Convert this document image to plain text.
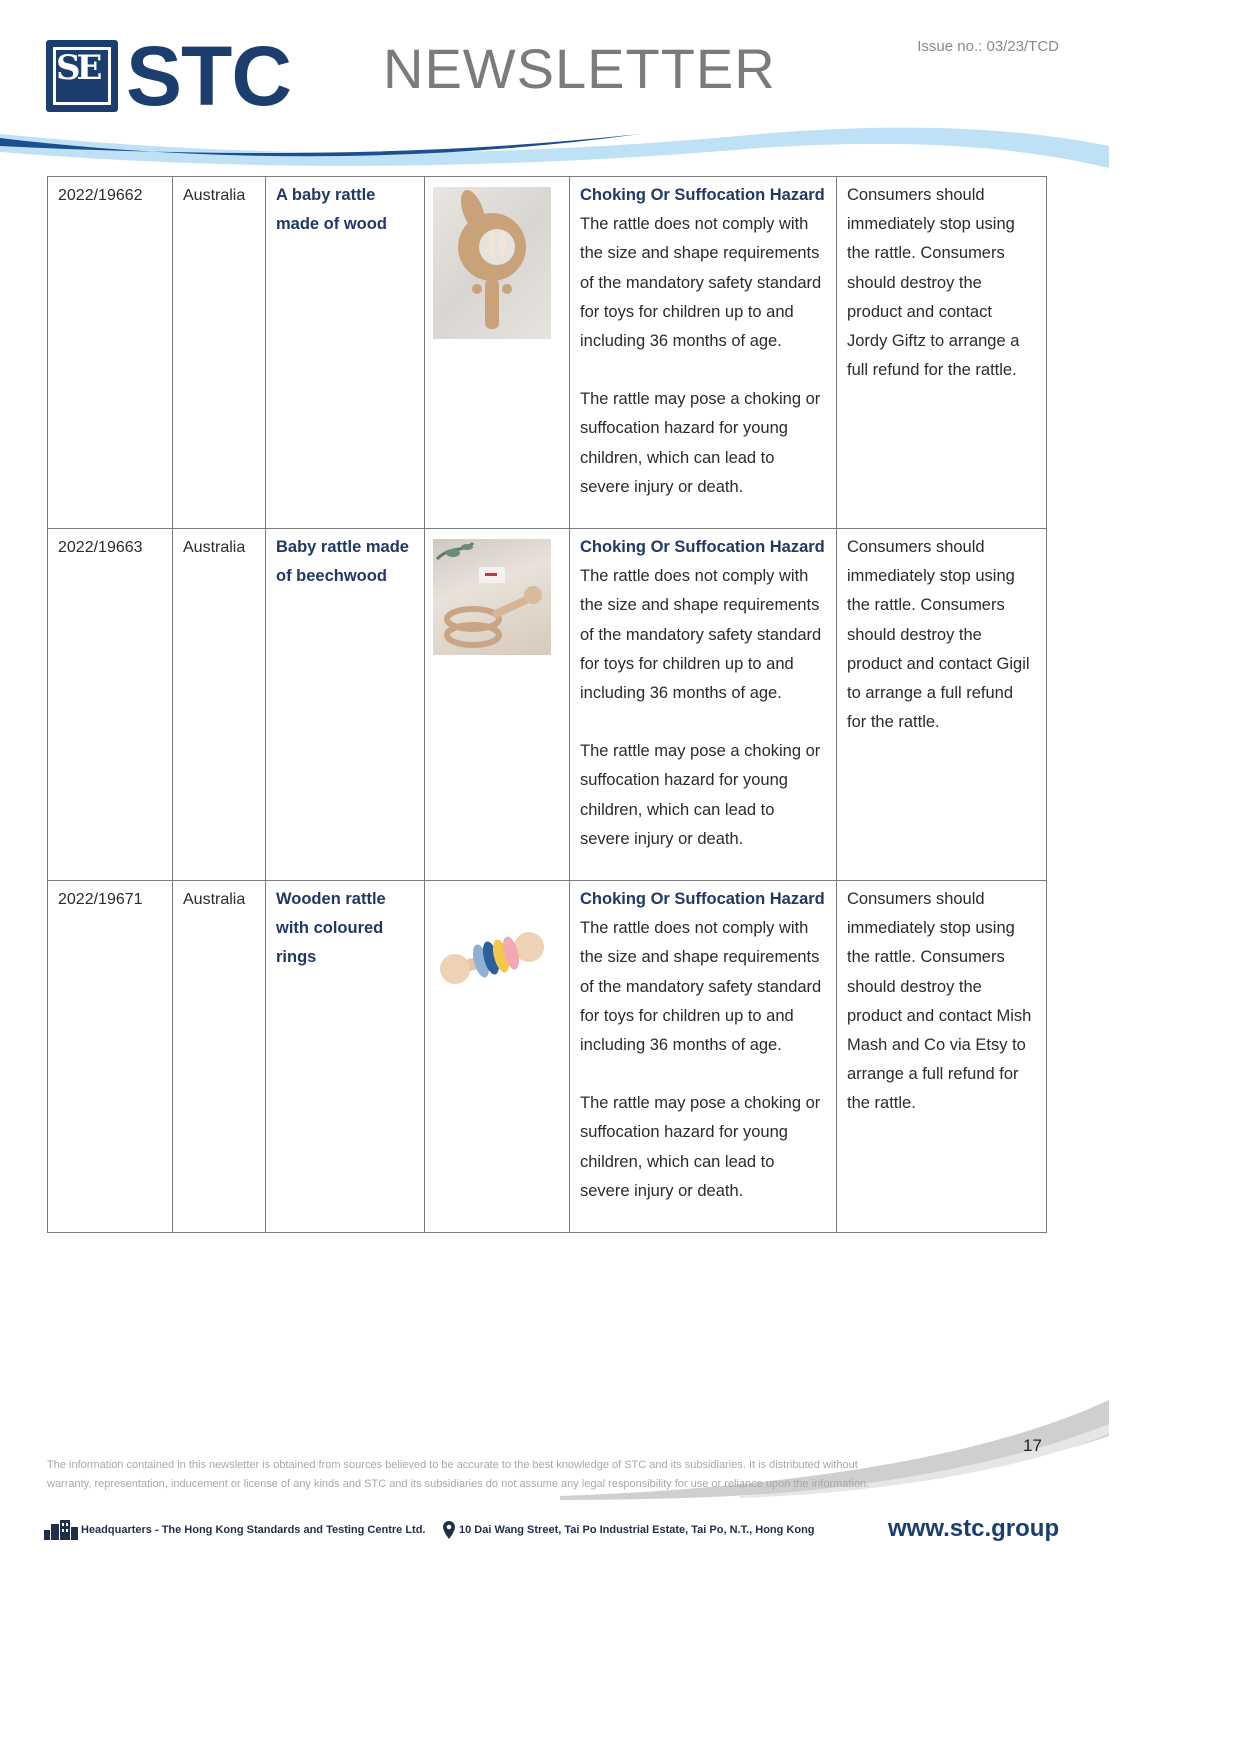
SE STC NEWSLETTER	Issue no.: 03/23/TCD
2022/19662	Australia	A baby rattle made of wood		Choking Or Suffocation Hazard
The rattle does not comply with the size and shape requirements of the mandatory safety standard for toys for children up to and including 36 months of age.
The rattle may pose a choking or suffocation hazard for young children, which can lead to severe injury or death.	Consumers should immediately stop using the rattle. Consumers should destroy the product and contact Jordy Giftz to arrange a full refund for the rattle.
2022/19663	Australia	Baby rattle made of beechwood		Choking Or Suffocation Hazard
The rattle does not comply with the size and shape requirements of the mandatory safety standard for toys for children up to and including 36 months of age.
The rattle may pose a choking or suffocation hazard for young children, which can lead to severe injury or death.	Consumers should immediately stop using the rattle. Consumers should destroy the product and contact Gigil to arrange a full refund for the rattle.
2022/19671	Australia	Wooden rattle with coloured rings		Choking Or Suffocation Hazard
The rattle does not comply with the size and shape requirements of the mandatory safety standard for toys for children up to and including 36 months of age.
The rattle may pose a choking or suffocation hazard for young children, which can lead to severe injury or death.	Consumers should immediately stop using the rattle. Consumers should destroy the product and contact Mish Mash and Co via Etsy to arrange a full refund for the rattle.
17
The information contained in this newsletter is obtained from sources believed to be accurate to the best knowledge of STC and its subsidiaries. It is distributed without warranty, representation, inducement or license of any kinds and STC and its subsidiaries do not assume any legal responsibility for use or reliance upon the information.
Headquarters - The Hong Kong Standards and Testing Centre Ltd.	10 Dai Wang Street, Tai Po Industrial Estate, Tai Po, N.T., Hong Kong	www.stc.group
